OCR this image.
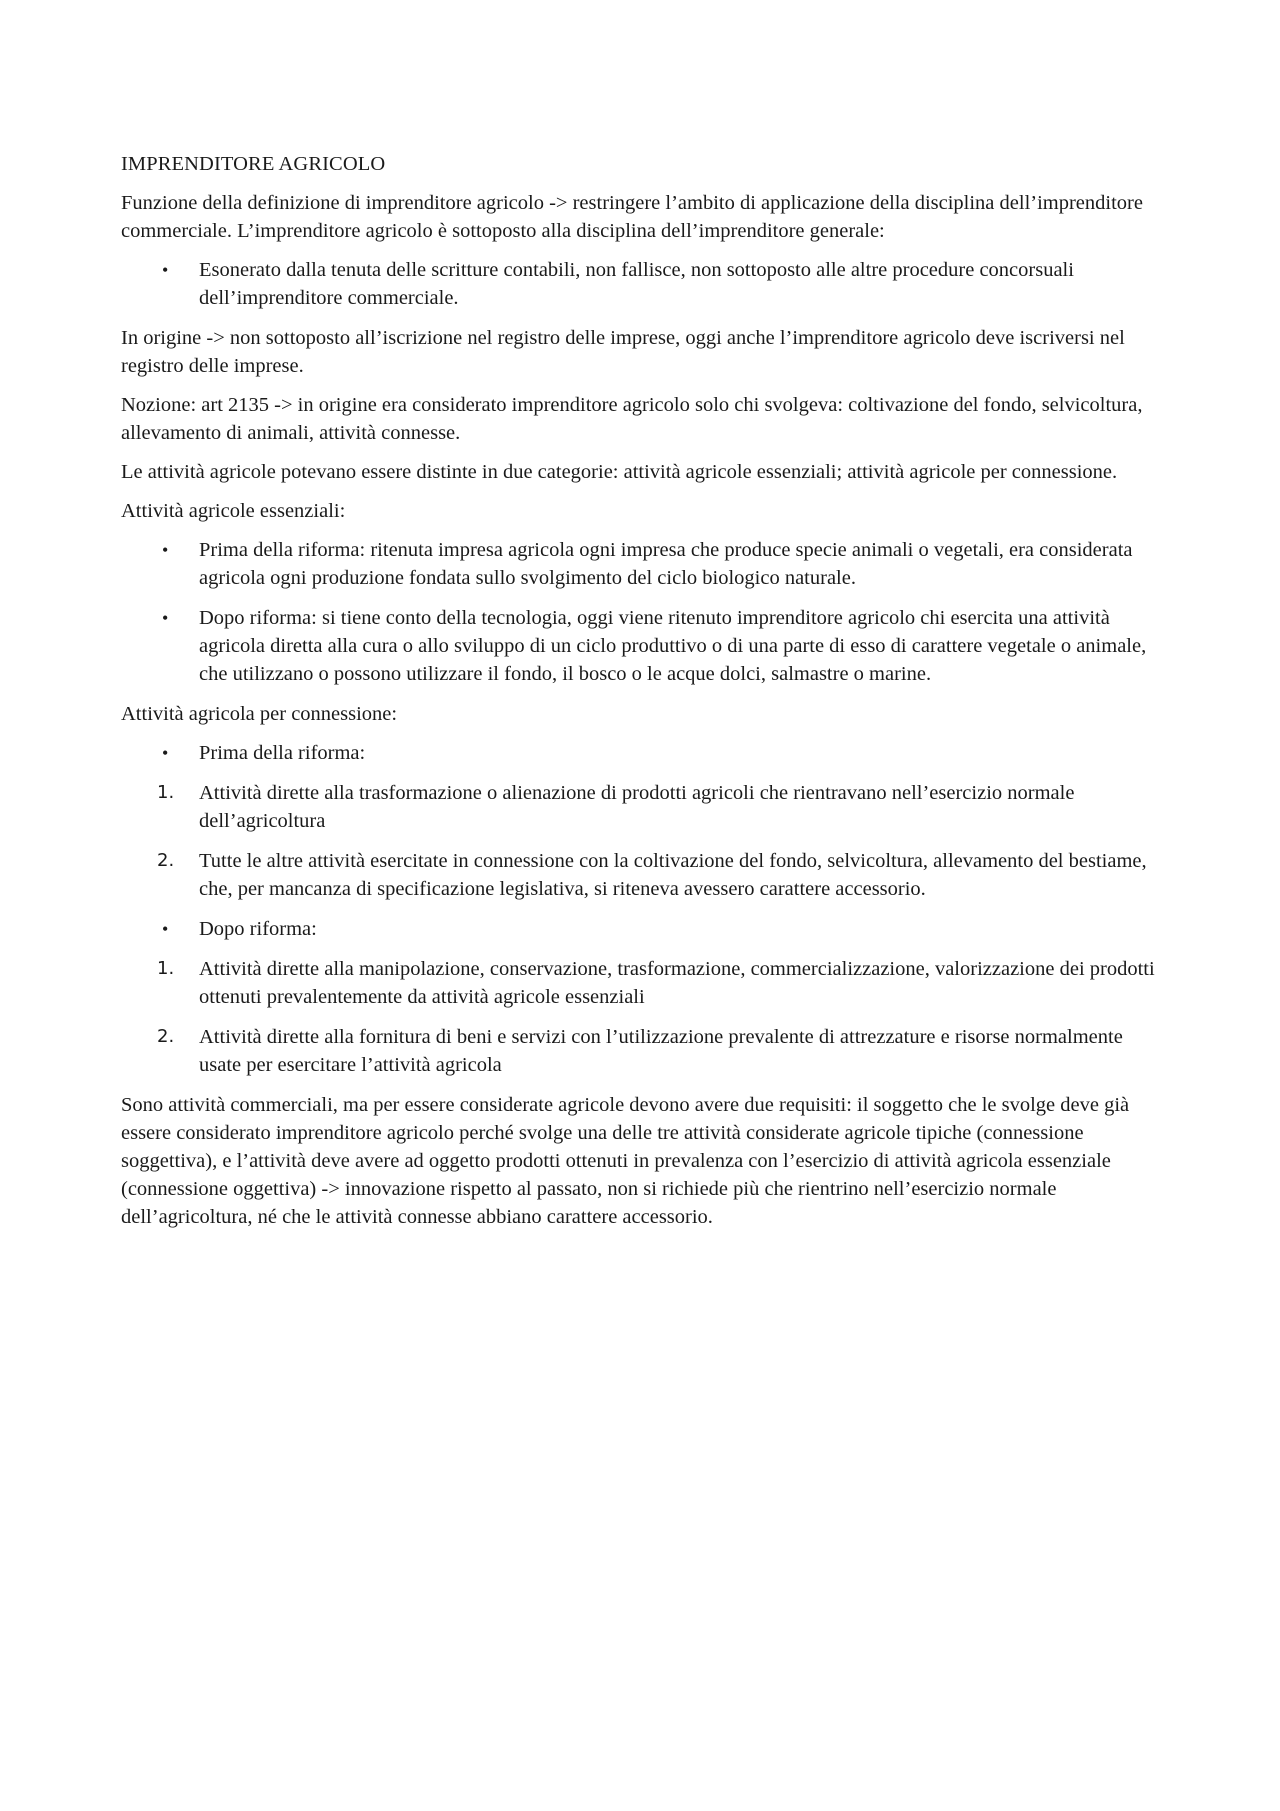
IMPRENDITORE AGRICOLO

Funzione della definizione di imprenditore agricolo -> restringere l’ambito di applicazione della disciplina dell’imprenditore commerciale. L’imprenditore agricolo è sottoposto alla disciplina dell’imprenditore generale:

•	Esonerato dalla tenuta delle scritture contabili, non fallisce, non sottoposto alle altre procedure concorsuali dell’imprenditore commerciale.

In origine -> non sottoposto all’iscrizione nel registro delle imprese, oggi anche l’imprenditore agricolo deve iscriversi nel registro delle imprese.

Nozione: art 2135 -> in origine era considerato imprenditore agricolo solo chi svolgeva: coltivazione del fondo, selvicoltura, allevamento di animali, attività connesse.

Le attività agricole potevano essere distinte in due categorie: attività agricole essenziali; attività agricole per connessione.

Attività agricole essenziali:

•	Prima della riforma: ritenuta impresa agricola ogni impresa che produce specie animali o vegetali, era considerata agricola ogni produzione fondata sullo svolgimento del ciclo biologico naturale.
•	Dopo riforma: si tiene conto della tecnologia, oggi viene ritenuto imprenditore agricolo chi esercita una attività agricola diretta alla cura o allo sviluppo di un ciclo produttivo o di una parte di esso di carattere vegetale o animale, che utilizzano o possono utilizzare il fondo, il bosco o le acque dolci, salmastre o marine.

Attività agricola per connessione:

•	Prima della riforma:
1.	Attività dirette alla trasformazione o alienazione di prodotti agricoli che rientravano nell’esercizio normale dell’agricoltura
2.	Tutte le altre attività esercitate in connessione con la coltivazione del fondo, selvicoltura, allevamento del bestiame, che, per mancanza di specificazione legislativa, si riteneva avessero carattere accessorio.
•	Dopo riforma:
1.	Attività dirette alla manipolazione, conservazione, trasformazione, commercializzazione, valorizzazione dei prodotti ottenuti prevalentemente da attività agricole essenziali
2.	Attività dirette alla fornitura di beni e servizi con l’utilizzazione prevalente di attrezzature e risorse normalmente usate per esercitare l’attività agricola

Sono attività commerciali, ma per essere considerate agricole devono avere due requisiti: il soggetto che le svolge deve già essere considerato imprenditore agricolo perché svolge una delle tre attività considerate agricole tipiche (connessione soggettiva), e l’attività deve avere ad oggetto prodotti ottenuti in prevalenza con l’esercizio di attività agricola essenziale (connessione oggettiva) -> innovazione rispetto al passato, non si richiede più che rientrino nell’esercizio normale dell’agricoltura, né che le attività connesse abbiano carattere accessorio.
